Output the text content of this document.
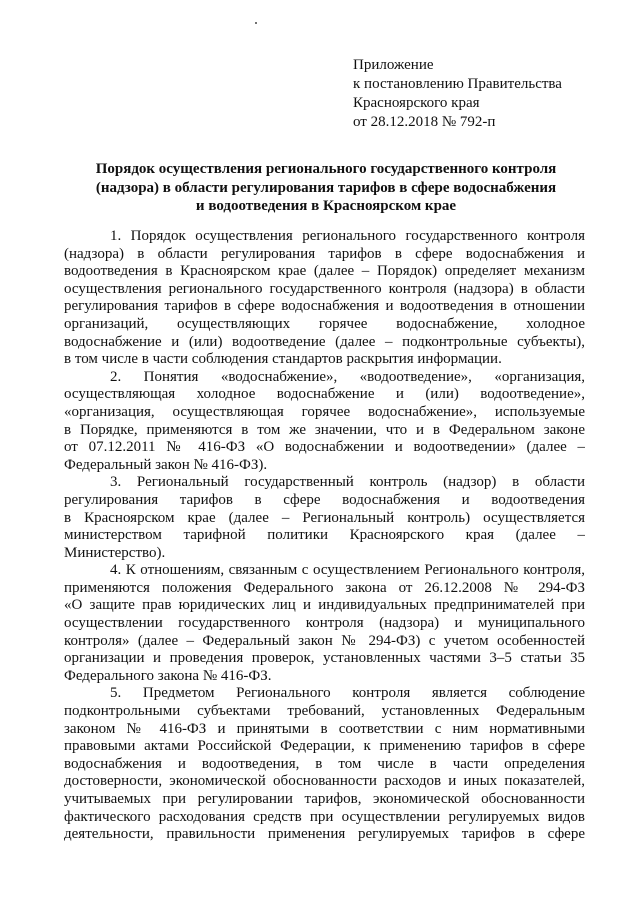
Приложение
к постановлению Правительства
Красноярского края
от 28.12.2018 № 792-п
Порядок осуществления регионального государственного контроля
(надзора) в области регулирования тарифов в сфере водоснабжения
и водоотведения в Красноярском крае
1. Порядок осуществления регионального государственного контроля
(надзора) в области регулирования тарифов в сфере водоснабжения и
водоотведения в Красноярском крае (далее – Порядок) определяет механизм
осуществления регионального государственного контроля (надзора) в области
регулирования тарифов в сфере водоснабжения и водоотведения в отношении
организаций, осуществляющих горячее водоснабжение, холодное
водоснабжение и (или) водоотведение (далее – подконтрольные субъекты),
в том числе в части соблюдения стандартов раскрытия информации.
2. Понятия «водоснабжение», «водоотведение», «организация,
осуществляющая холодное водоснабжение и (или) водоотведение»,
«организация, осуществляющая горячее водоснабжение», используемые
в Порядке, применяются в том же значении, что и в Федеральном законе
от 07.12.2011 № 416-ФЗ «О водоснабжении и водоотведении» (далее –
Федеральный закон № 416-ФЗ).
3. Региональный государственный контроль (надзор) в области
регулирования тарифов в сфере водоснабжения и водоотведения
в Красноярском крае (далее – Региональный контроль) осуществляется
министерством тарифной политики Красноярского края (далее –
Министерство).
4. К отношениям, связанным с осуществлением Регионального контроля,
применяются положения Федерального закона от 26.12.2008 № 294-ФЗ
«О защите прав юридических лиц и индивидуальных предпринимателей при
осуществлении государственного контроля (надзора) и муниципального
контроля» (далее – Федеральный закон № 294-ФЗ) с учетом особенностей
организации и проведения проверок, установленных частями 3–5 статьи 35
Федерального закона № 416-ФЗ.
5. Предметом Регионального контроля является соблюдение
подконтрольными субъектами требований, установленных Федеральным
законом № 416-ФЗ и принятыми в соответствии с ним нормативными
правовыми актами Российской Федерации, к применению тарифов в сфере
водоснабжения и водоотведения, в том числе в части определения
достоверности, экономической обоснованности расходов и иных показателей,
учитываемых при регулировании тарифов, экономической обоснованности
фактического расходования средств при осуществлении регулируемых видов
деятельности, правильности применения регулируемых тарифов в сфере
